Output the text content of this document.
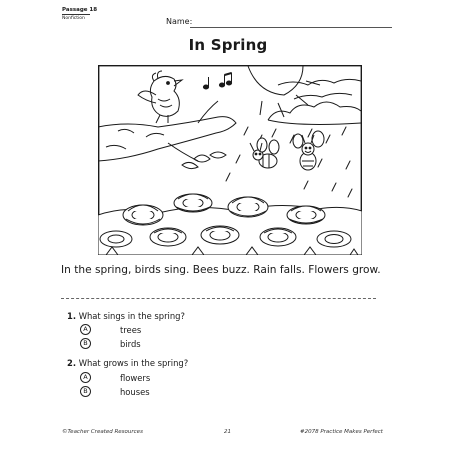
Passage 18
Nonfiction	Name:
In Spring
In the spring, birds sing. Bees buzz. Rain falls. Flowers grow.
1. What sings in the spring?
A	trees
B	birds
2. What grows in the spring?
A	flowers
B	houses
©Teacher Created Resources	21	#2078 Practice Makes Perfect
